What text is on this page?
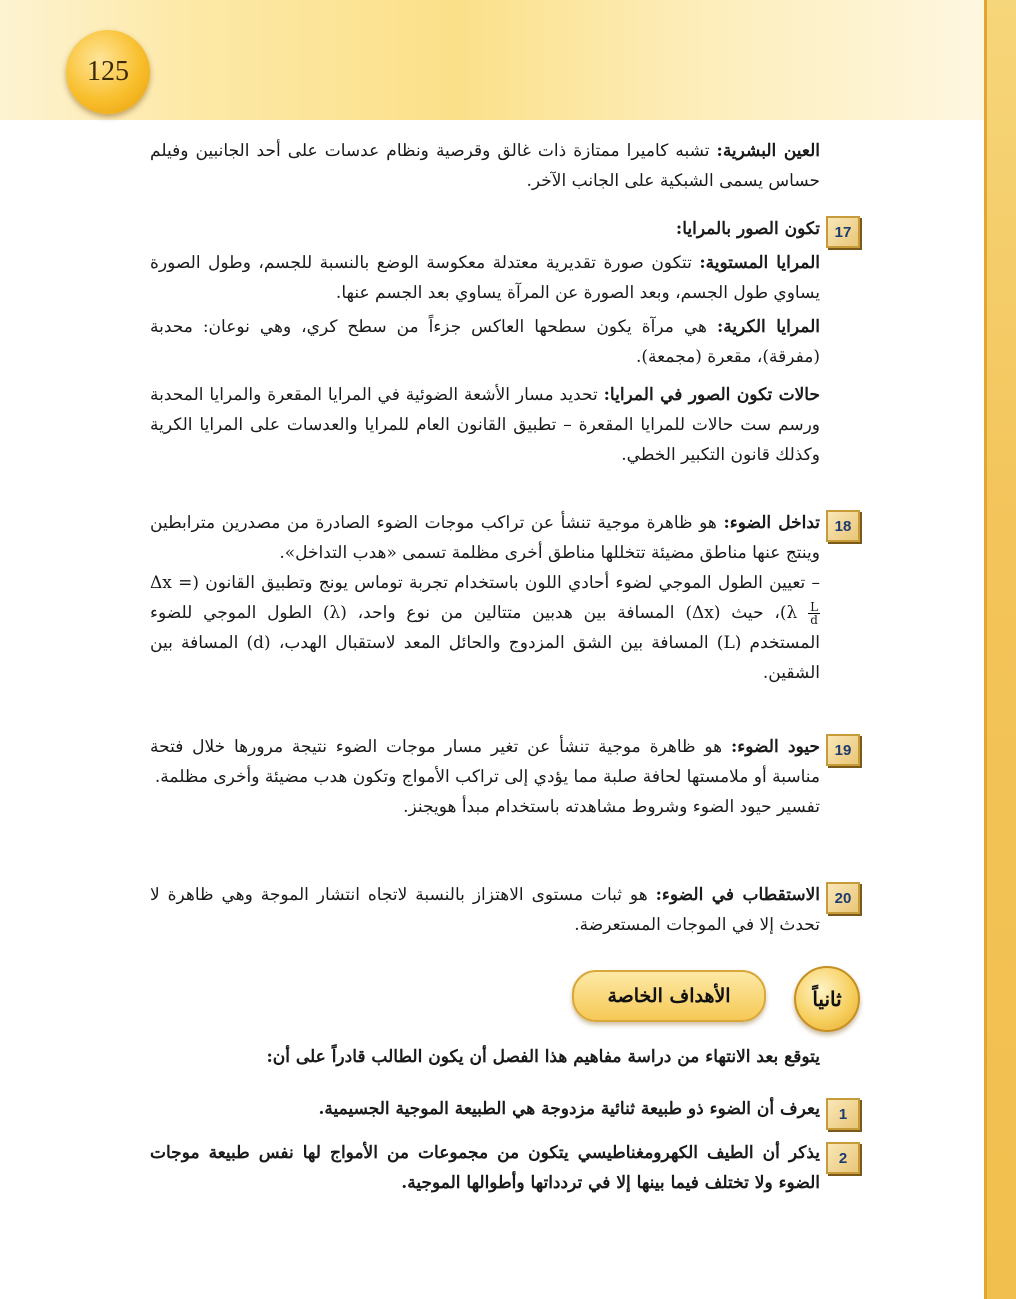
125

العين البشرية: تشبه كاميرا ممتازة ذات غالق وقرصية ونظام عدسات على أحد الجانبين وفيلم حساس يسمى الشبكية على الجانب الآخر.

17

تكون الصور بالمرايا:

المرايا المستوية: تتكون صورة تقديرية معتدلة معكوسة الوضع بالنسبة للجسم، وطول الصورة يساوي طول الجسم، وبعد الصورة عن المرآة يساوي بعد الجسم عنها.

المرايا الكرية: هي مرآة يكون سطحها العاكس جزءاً من سطح كري، وهي نوعان: محدبة (مفرقة)، مقعرة (مجمعة).

حالات تكون الصور في المرايا: تحديد مسار الأشعة الضوئية في المرايا المقعرة والمرايا المحدبة ورسم ست حالات للمرايا المقعرة – تطبيق القانون العام للمرايا والعدسات على المرايا الكرية وكذلك قانون التكبير الخطي.

18

تداخل الضوء: هو ظاهرة موجية تنشأ عن تراكب موجات الضوء الصادرة من مصدرين مترابطين وينتج عنها مناطق مضيئة تتخللها مناطق أخرى مظلمة تسمى «هدب التداخل».

– تعيين الطول الموجي لضوء أحادي اللون باستخدام تجربة توماس يونج وتطبيق القانون (Δx = λ $\frac{L}{d}$
)، حيث (Δx) المسافة بين هدبين متتالين من نوع واحد، (λ) الطول الموجي للضوء المستخدم (L) المسافة بين الشق المزدوج والحائل المعد لاستقبال الهدب، (d) المسافة بين الشقين.

19

حيود الضوء: هو ظاهرة موجية تنشأ عن تغير مسار موجات الضوء نتيجة مرورها خلال فتحة مناسبة أو ملامستها لحافة صلبة مما يؤدي إلى تراكب الأمواج وتكون هدب مضيئة وأخرى مظلمة.

تفسير حيود الضوء وشروط مشاهدته باستخدام مبدأ هويجنز.

20

الاستقطاب في الضوء: هو ثبات مستوى الاهتزاز بالنسبة لاتجاه انتشار الموجة وهي ظاهرة لا تحدث إلا في الموجات المستعرضة.

الأهداف الخاصة	ثانياً

يتوقع بعد الانتهاء من دراسة مفاهيم هذا الفصل أن يكون الطالب قادراً على أن:

1

يعرف أن الضوء ذو طبيعة ثنائية مزدوجة هي الطبيعة الموجية الجسيمية.

2

يذكر أن الطيف الكهرومغناطيسي يتكون من مجموعات من الأمواج لها نفس طبيعة موجات الضوء ولا تختلف فيما بينها إلا في تردداتها وأطوالها الموجية.
